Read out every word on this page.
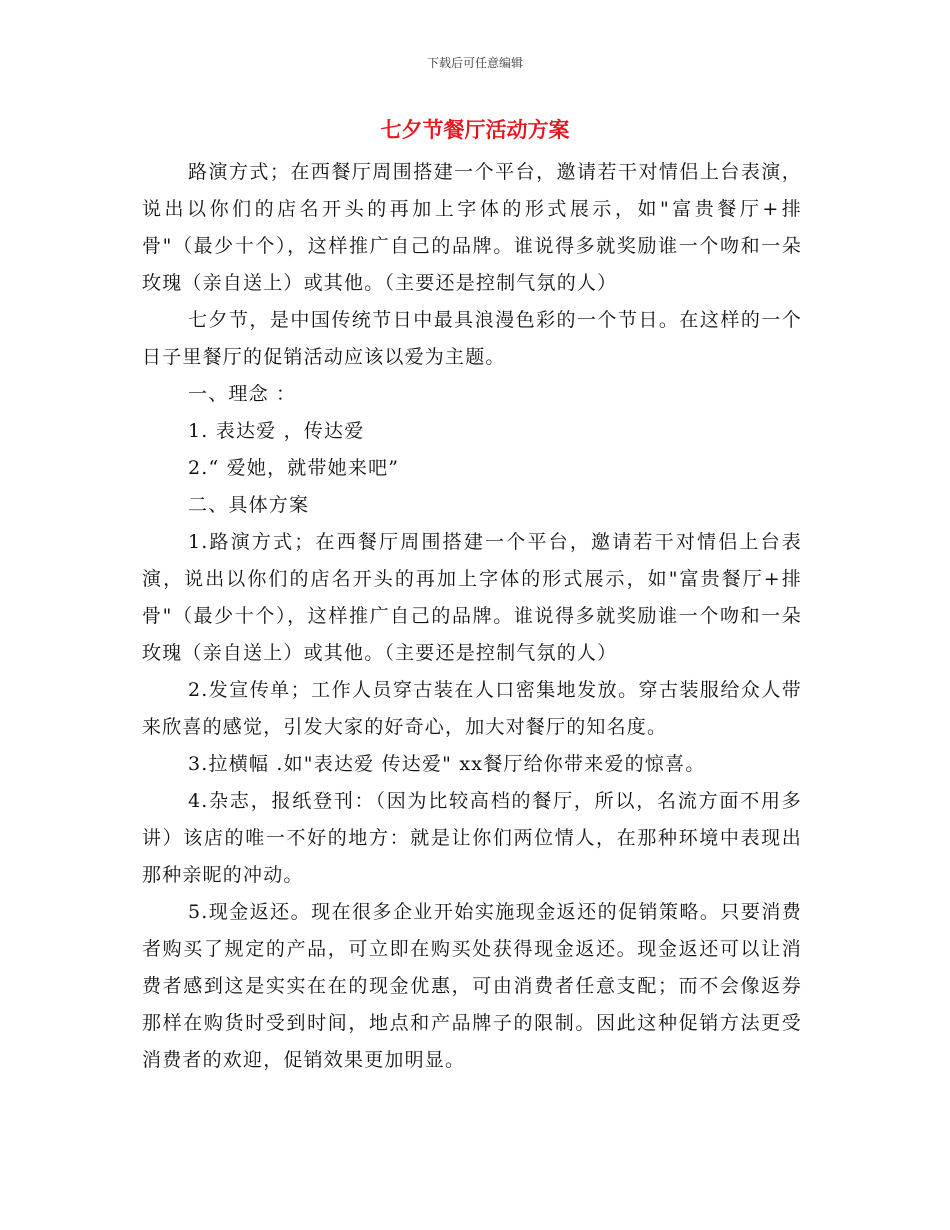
下载后可任意编辑
七夕节餐厅活动方案

路演方式；在西餐厅周围搭建一个平台，邀请若干对情侣上台表演，说出以你们的店名开头的再加上字体的形式展示，如"富贵餐厅+排骨"（最少十个），这样推广自己的品牌。谁说得多就奖励谁一个吻和一朵玫瑰（亲自送上）或其他。（主要还是控制气氛的人）

七夕节，是中国传统节日中最具浪漫色彩的一个节日。在这样的一个日子里餐厅的促销活动应该以爱为主题。

一、理念 ：

1. 表达爱 ，传达爱

2.“ 爱她，就带她来吧”

二、具体方案

1.路演方式；在西餐厅周围搭建一个平台，邀请若干对情侣上台表演，说出以你们的店名开头的再加上字体的形式展示，如"富贵餐厅+排骨"（最少十个），这样推广自己的品牌。谁说得多就奖励谁一个吻和一朵玫瑰（亲自送上）或其他。（主要还是控制气氛的人）

2.发宣传单；工作人员穿古装在人口密集地发放。穿古装服给众人带来欣喜的感觉，引发大家的好奇心，加大对餐厅的知名度。

3.拉横幅 .如"表达爱 传达爱" xx餐厅给你带来爱的惊喜。

4.杂志，报纸登刊：（因为比较高档的餐厅，所以，名流方面不用多讲）该店的唯一不好的地方：就是让你们两位情人，在那种环境中表现出那种亲昵的冲动。

5.现金返还。现在很多企业开始实施现金返还的促销策略。只要消费者购买了规定的产品，可立即在购买处获得现金返还。现金返还可以让消费者感到这是实实在在的现金优惠，可由消费者任意支配；而不会像返券那样在购货时受到时间，地点和产品牌子的限制。因此这种促销方法更受消费者的欢迎，促销效果更加明显。
